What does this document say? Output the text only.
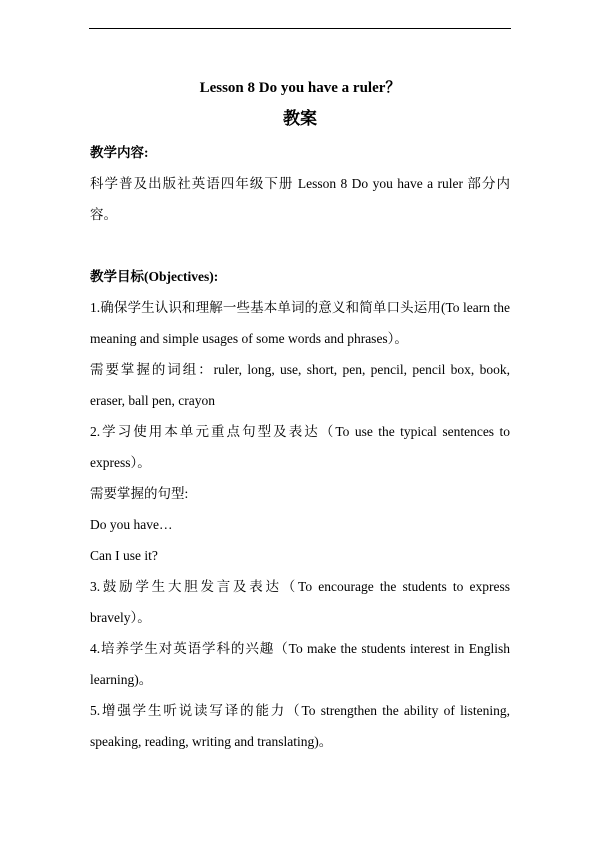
Lesson 8 Do you have a ruler？
教案
教学内容:
科学普及出版社英语四年级下册 Lesson 8 Do you have a ruler 部分内容。
教学目标(Objectives):
1.确保学生认识和理解一些基本单词的意义和简单口头运用(To learn the meaning and simple usages of some words and phrases）。
需要掌握的词组：ruler, long, use, short, pen, pencil, pencil box, book, eraser, ball pen, crayon
2.学习使用本单元重点句型及表达（To use the typical sentences to express）。
需要掌握的句型:
Do you have…
Can I use it?
3.鼓励学生大胆发言及表达（To encourage the students to express bravely）。
4.培养学生对英语学科的兴趣（To make the students interest in English learning)。
5.增强学生听说读写译的能力（To strengthen the ability of listening, speaking, reading, writing and translating)。
